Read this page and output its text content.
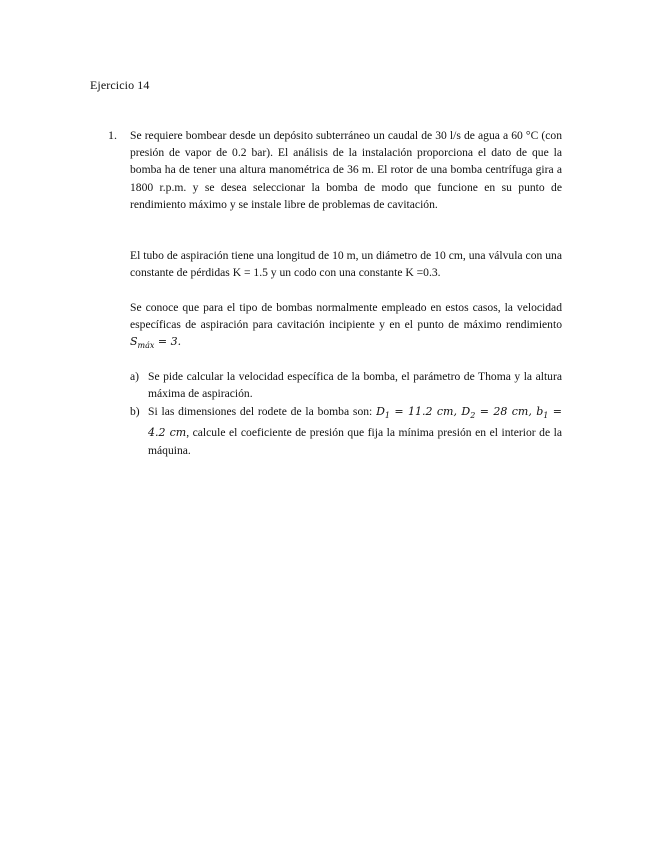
Ejercicio 14
1. Se requiere bombear desde un depósito subterráneo un caudal de 30 l/s de agua a 60 °C (con presión de vapor de 0.2 bar). El análisis de la instalación proporciona el dato de que la bomba ha de tener una altura manométrica de 36 m. El rotor de una bomba centrífuga gira a 1800 r.p.m. y se desea seleccionar la bomba de modo que funcione en su punto de rendimiento máximo y se instale libre de problemas de cavitación.

El tubo de aspiración tiene una longitud de 10 m, un diámetro de 10 cm, una válvula con una constante de pérdidas K = 1.5 y un codo con una constante K =0.3.

Se conoce que para el tipo de bombas normalmente empleado en estos casos, la velocidad específicas de aspiración para cavitación incipiente y en el punto de máximo rendimiento $S_{máx} = 3$.

a) Se pide calcular la velocidad específica de la bomba, el parámetro de Thoma y la altura máxima de aspiración.

b) Si las dimensiones del rodete de la bomba son: $D_1 = 11.2$ cm, $D_2 = 28$ cm, $b_1 = 4.2$ cm, calcule el coeficiente de presión que fija la mínima presión en el interior de la máquina.
